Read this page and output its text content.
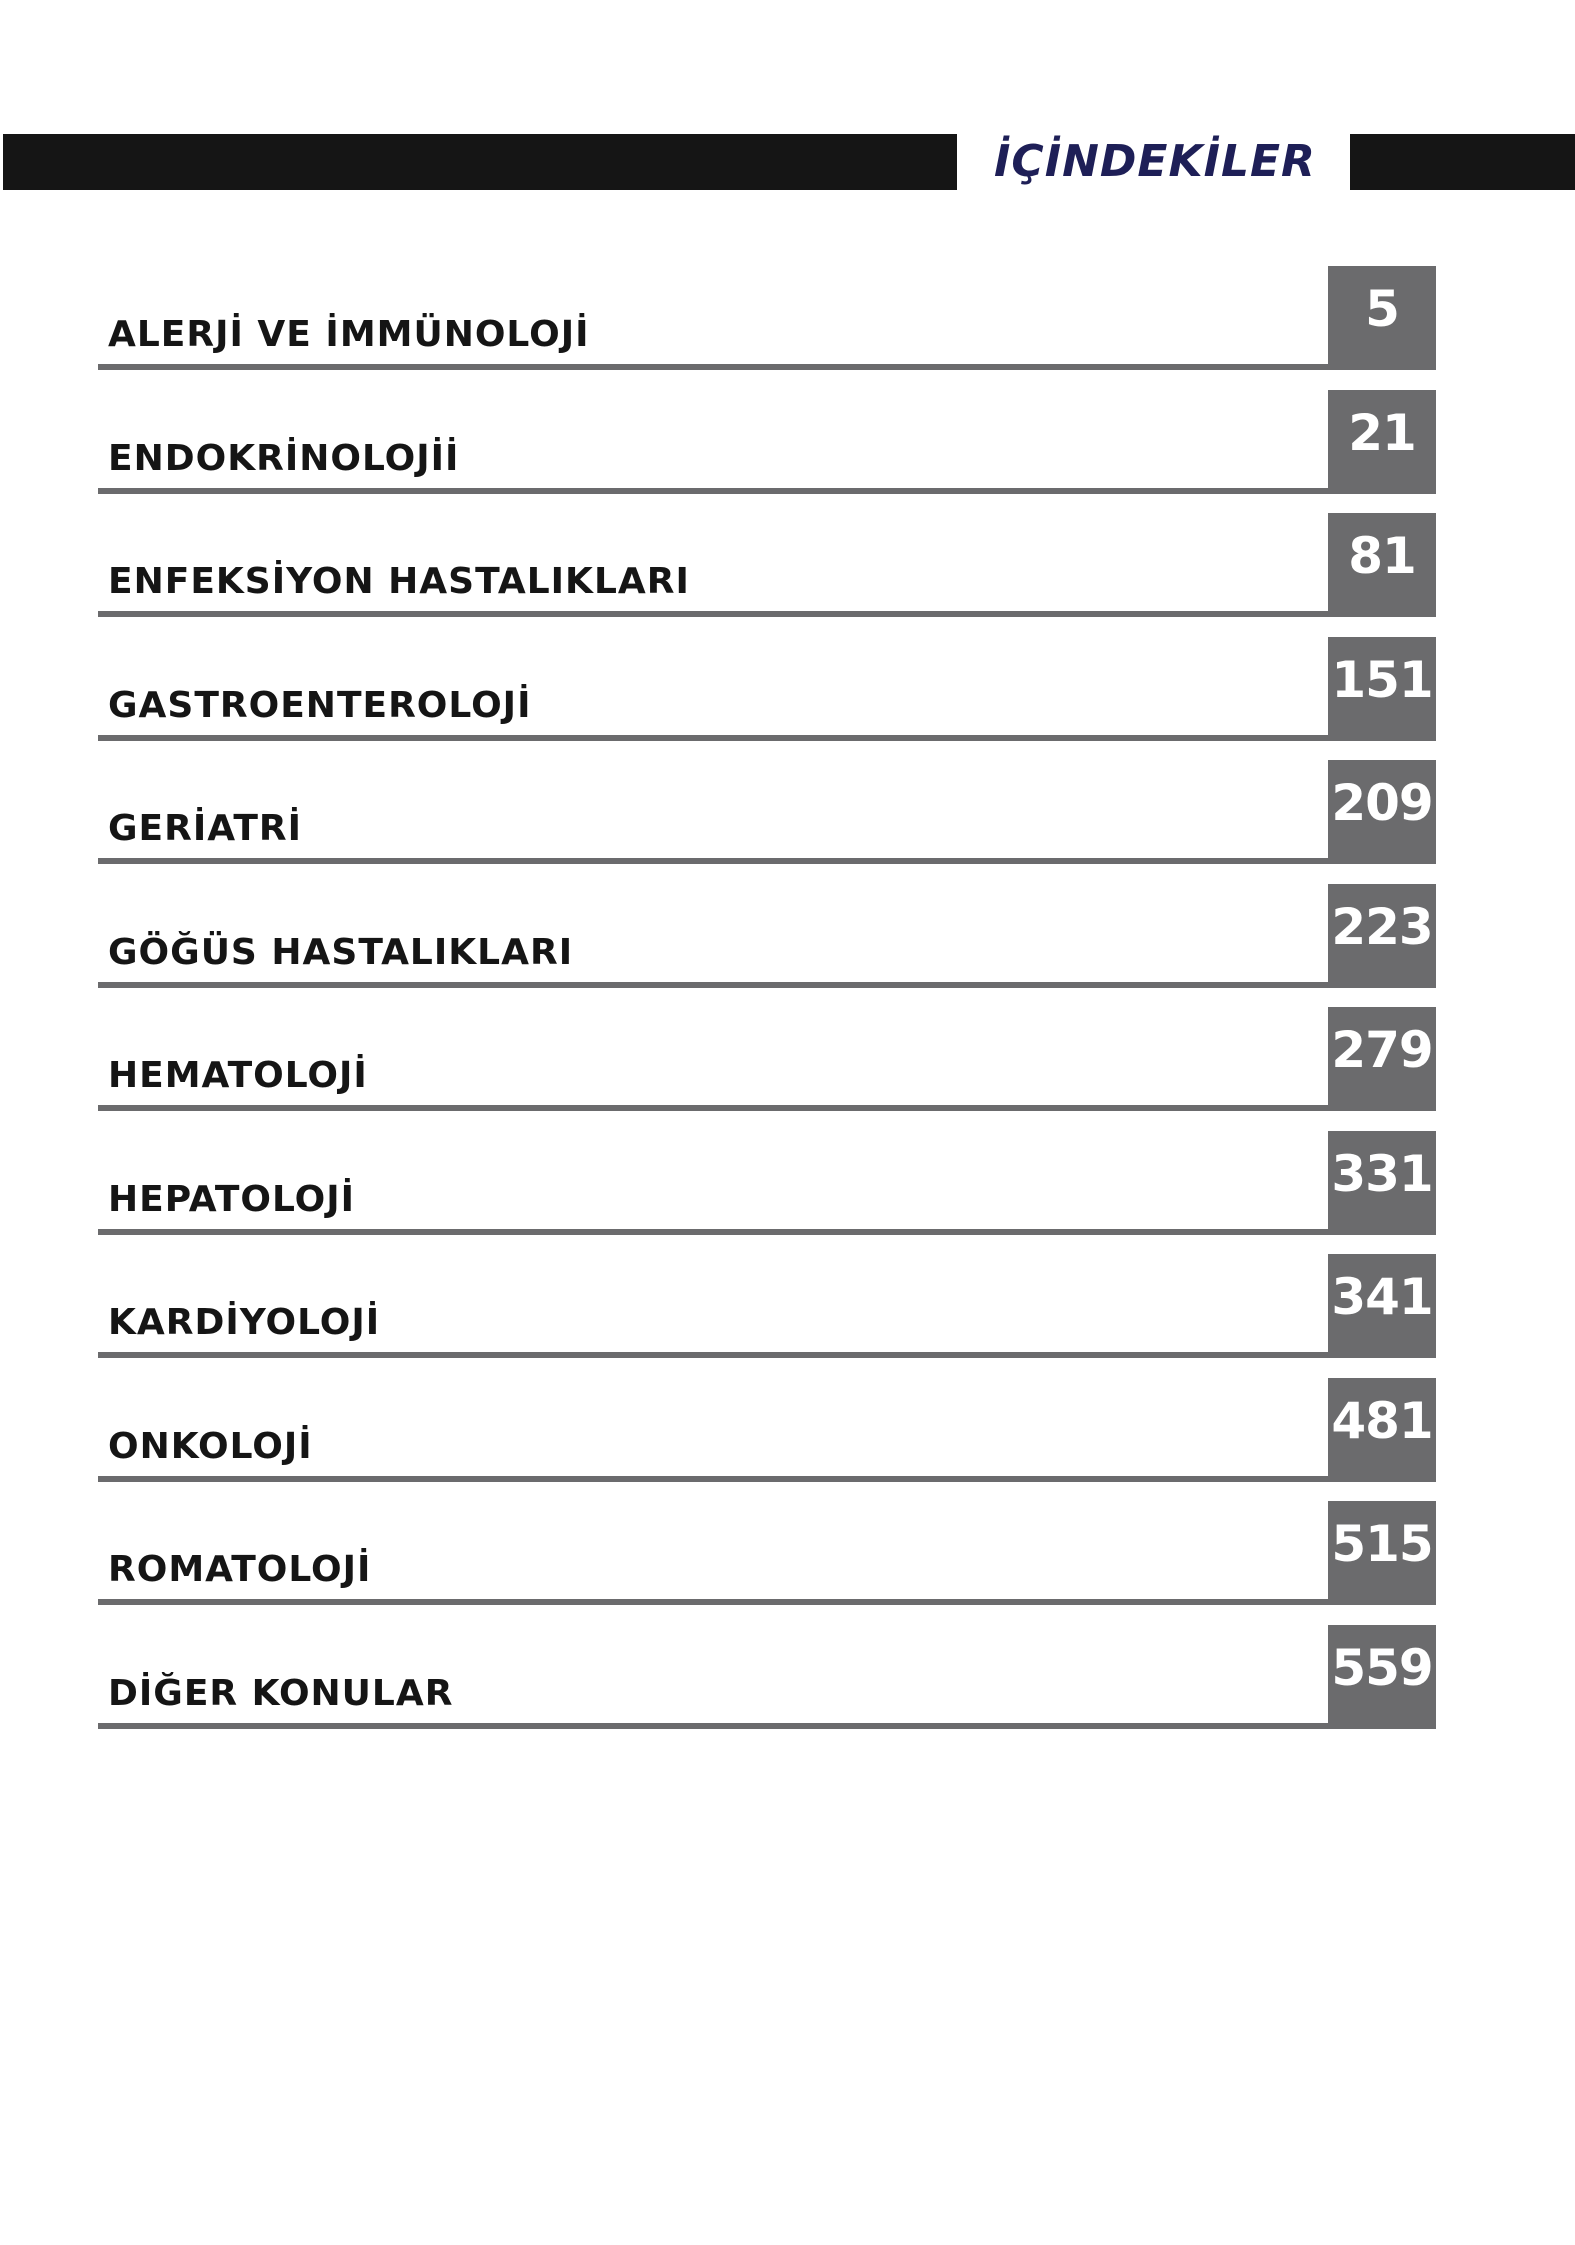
İÇİNDEKİLER
ALERJİ VE İMMÜNOLOJİ	5
ENDOKRİNOLOJİİ	21
ENFEKSİYON HASTALIKLARI	81
GASTROENTEROLOJİ	151
GERİATRİ	209
GÖĞÜS HASTALIKLARI	223
HEMATOLOJİ	279
HEPATOLOJİ	331
KARDİYOLOJİ	341
ONKOLOJİ	481
ROMATOLOJİ	515
DİĞER KONULAR	559
